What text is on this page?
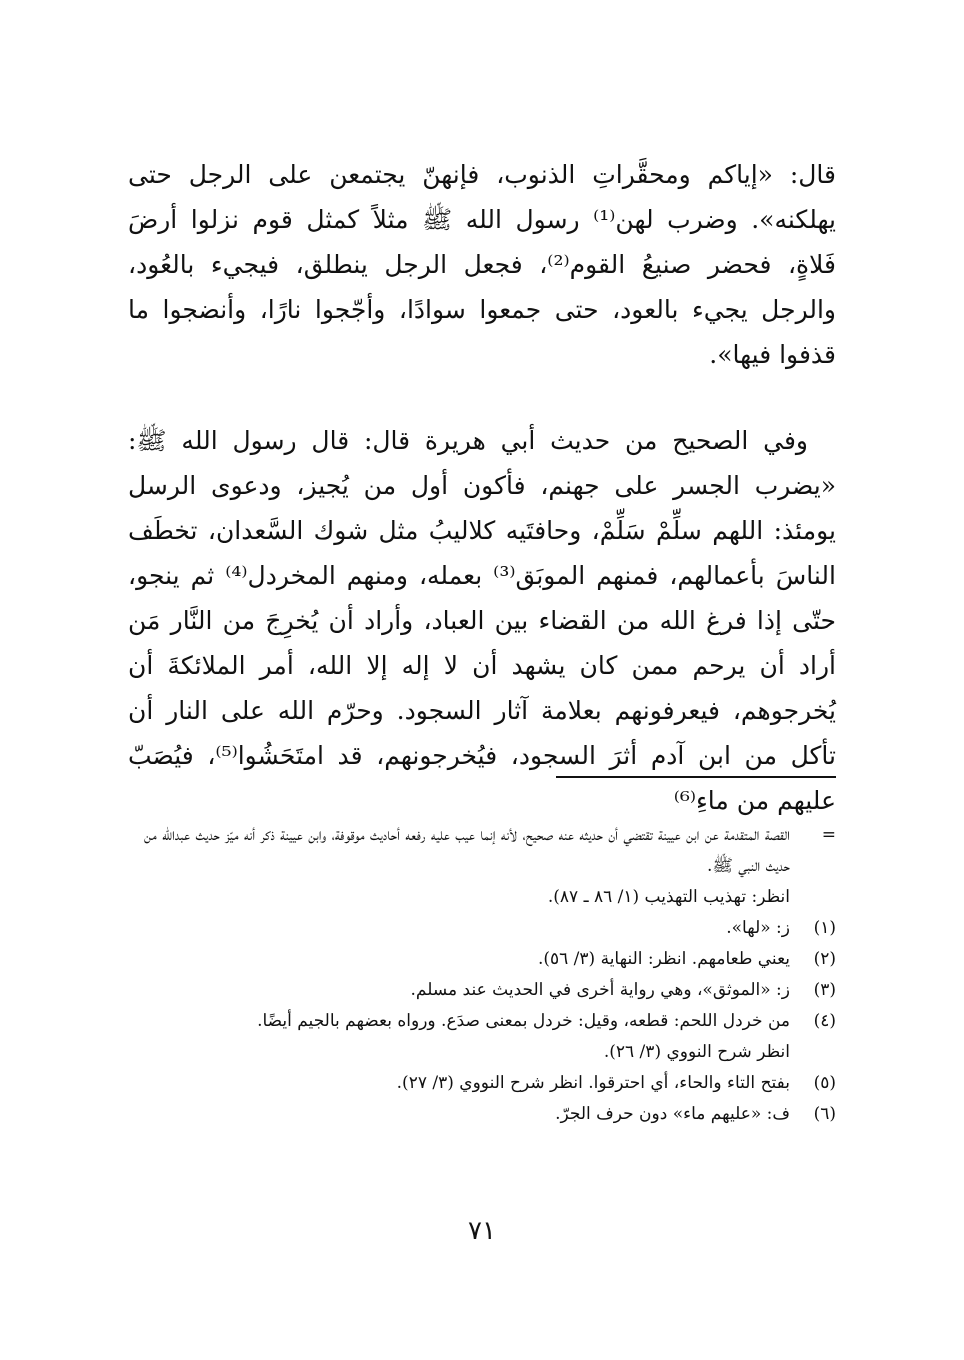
قال: «إياكم ومحقَّراتِ الذنوب، فإنهنّ يجتمعن على الرجل حتى يهلكنه». وضرب لهن⁽¹⁾ رسول الله ﷺ مثلاً كمثل قوم نزلوا أرضَ فَلاةٍ، فحضر صنيعُ القوم⁽²⁾، فجعل الرجل ينطلق، فيجيء بالعُود، والرجل يجيء بالعود، حتى جمعوا سوادًا، وأجّجوا نارًا، وأنضجوا ما قذفوا فيها».
وفي الصحيح من حديث أبي هريرة قال: قال رسول الله ﷺ: «يضرب الجسر على جهنم، فأكون أول من يُجيز، ودعوى الرسل يومئذ: اللهم سلِّمْ سَلِّمْ، وحافتَيه كلاليبُ مثل شوك السَّعدان، تخطَف الناسَ بأعمالهم، فمنهم الموبَق⁽³⁾ بعمله، ومنهم المخردل⁽⁴⁾ ثم ينجو، حتّى إذا فرغ الله من القضاء بين العباد، وأراد أن يُخرِجَ من النَّار مَن أراد أن يرحم ممن كان يشهد أن لا إله إلا الله، أمر الملائكةَ أن يُخرجوهم، فيعرفونهم بعلامة آثار السجود. وحرّم الله على النار أن تأكل من ابن آدم أثرَ السجود، فيُخرجونهم، قد امتَحَشُوا⁽⁵⁾، فيُصَبّ عليهم من ماءِ⁽⁶⁾
=
القصة المتقدمة عن ابن عيينة تقتضي أن حديثه عنه صحيح، لأنه إنما عيب عليه رفعه أحاديث موقوفة، وابن عيينة ذكر أنه ميّز حديث عبدالله من حديث النبي ﷺ.
انظر: تهذيب التهذيب (١/ ٨٦ ـ ٨٧).
(١)
ز: «لها».
(٢)
يعني طعامهم. انظر: النهاية (٣/ ٥٦).
(٣)
ز: «الموثق»، وهي رواية أخرى في الحديث عند مسلم.
(٤)
من خردل اللحم: قطعه، وقيل: خردل بمعنى صدَع. ورواه بعضهم بالجيم أيضًا.
انظر شرح النووي (٣/ ٢٦).
(٥)
بفتح التاء والحاء، أي احترقوا. انظر شرح النووي (٣/ ٢٧).
(٦)
ف: «عليهم ماء» دون حرف الجرّ.
٧١
